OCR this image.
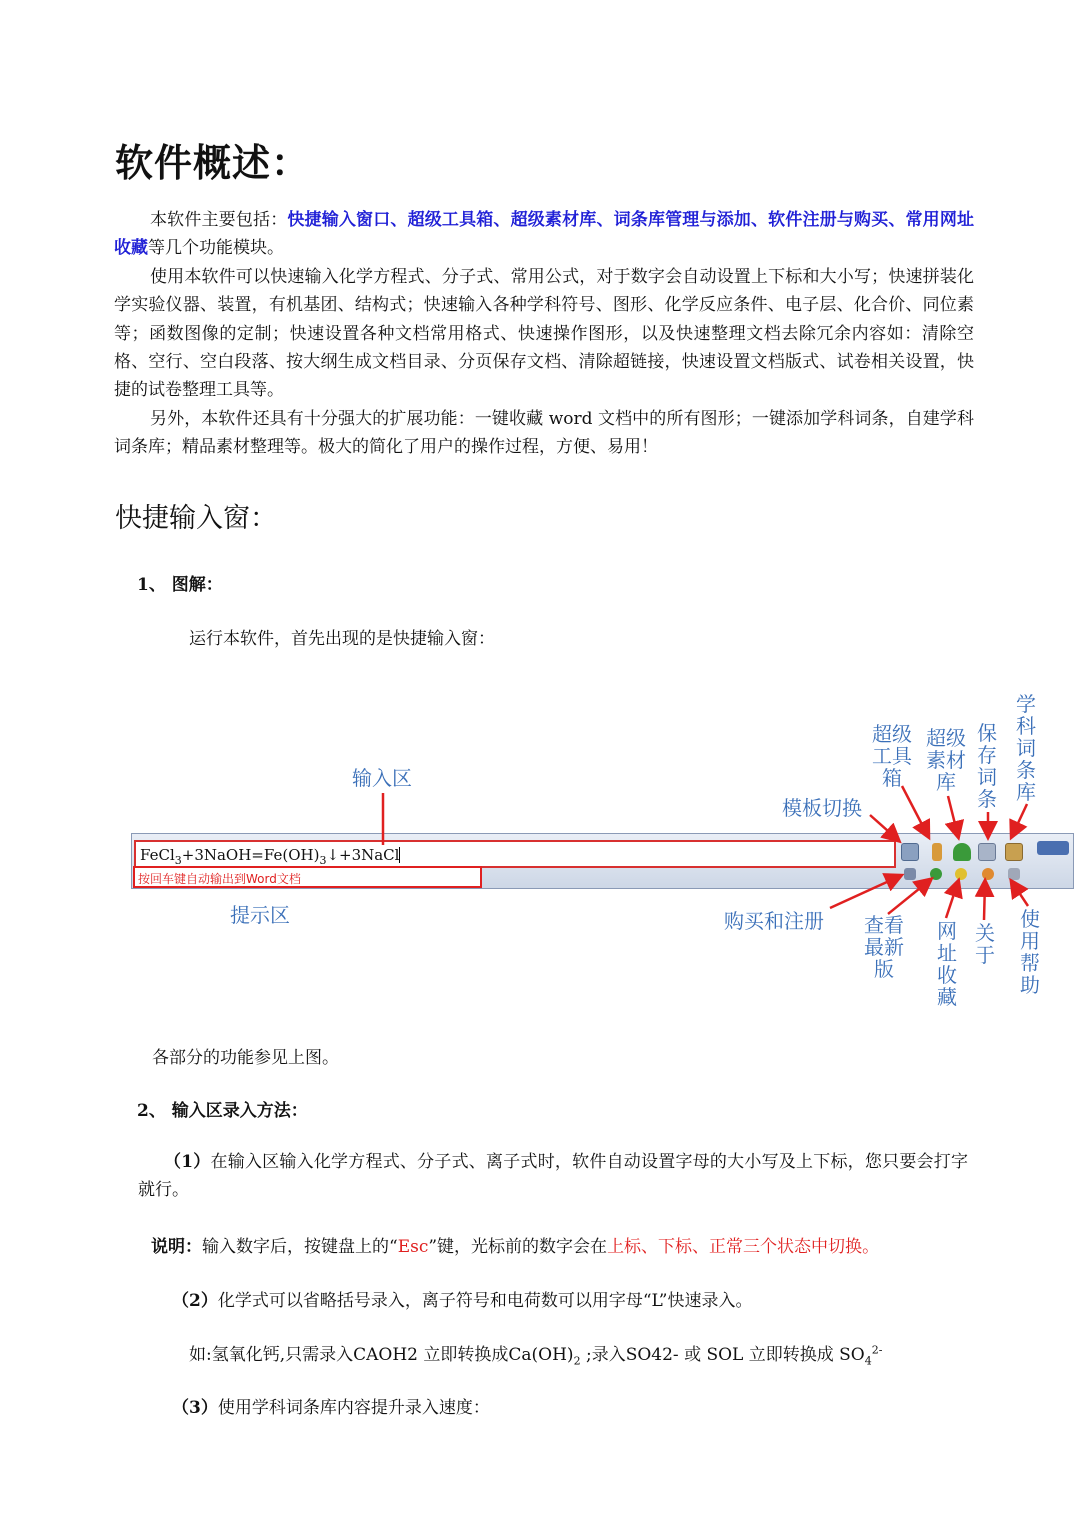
软件概述：
本软件主要包括：快捷输入窗口、超级工具箱、超级素材库、词条库管理与添加、软件注册与购买、常用网址收藏等几个功能模块。
使用本软件可以快速输入化学方程式、分子式、常用公式，对于数字会自动设置上下标和大小写；快速拼装化学实验仪器、装置，有机基团、结构式；快速输入各种学科符号、图形、化学反应条件、电子层、化合价、同位素等；函数图像的定制；快速设置各种文档常用格式、快速操作图形，以及快速整理文档去除冗余内容如：清除空格、空行、空白段落、按大纲生成文档目录、分页保存文档、清除超链接，快速设置文档版式、试卷相关设置，快捷的试卷整理工具等。
另外，本软件还具有十分强大的扩展功能：一键收藏 word 文档中的所有图形；一键添加学科词条，自建学科词条库；精品素材整理等。极大的简化了用户的操作过程，方便、易用！
快捷输入窗：
1、 图解：
运行本软件，首先出现的是快捷输入窗：
$FeCl_3+3NaOH=Fe(OH)_3↓+3NaCl$
按回车键自动输出到Word文档
输入区
提示区
模板切换
购买和注册
超级工具箱
超级素材库
保存词条
学科词条库
查看最新版
网址收藏
关于
使用帮助
各部分的功能参见上图。
2、 输入区录入方法：
（1）在输入区输入化学方程式、分子式、离子式时，软件自动设置字母的大小写及上下标，您只要会打字就行。
说明：输入数字后，按键盘上的“Esc”键，光标前的数字会在上标、下标、正常三个状态中切换。
（2）化学式可以省略括号录入，离子符号和电荷数可以用字母“L”快速录入。
如:氢氧化钙,只需录入CAOH2 立即转换成$Ca(OH)_2$ ;录入SO42- 或 SOL 立即转换成 $SO_4^{2-}$
（3）使用学科词条库内容提升录入速度：
